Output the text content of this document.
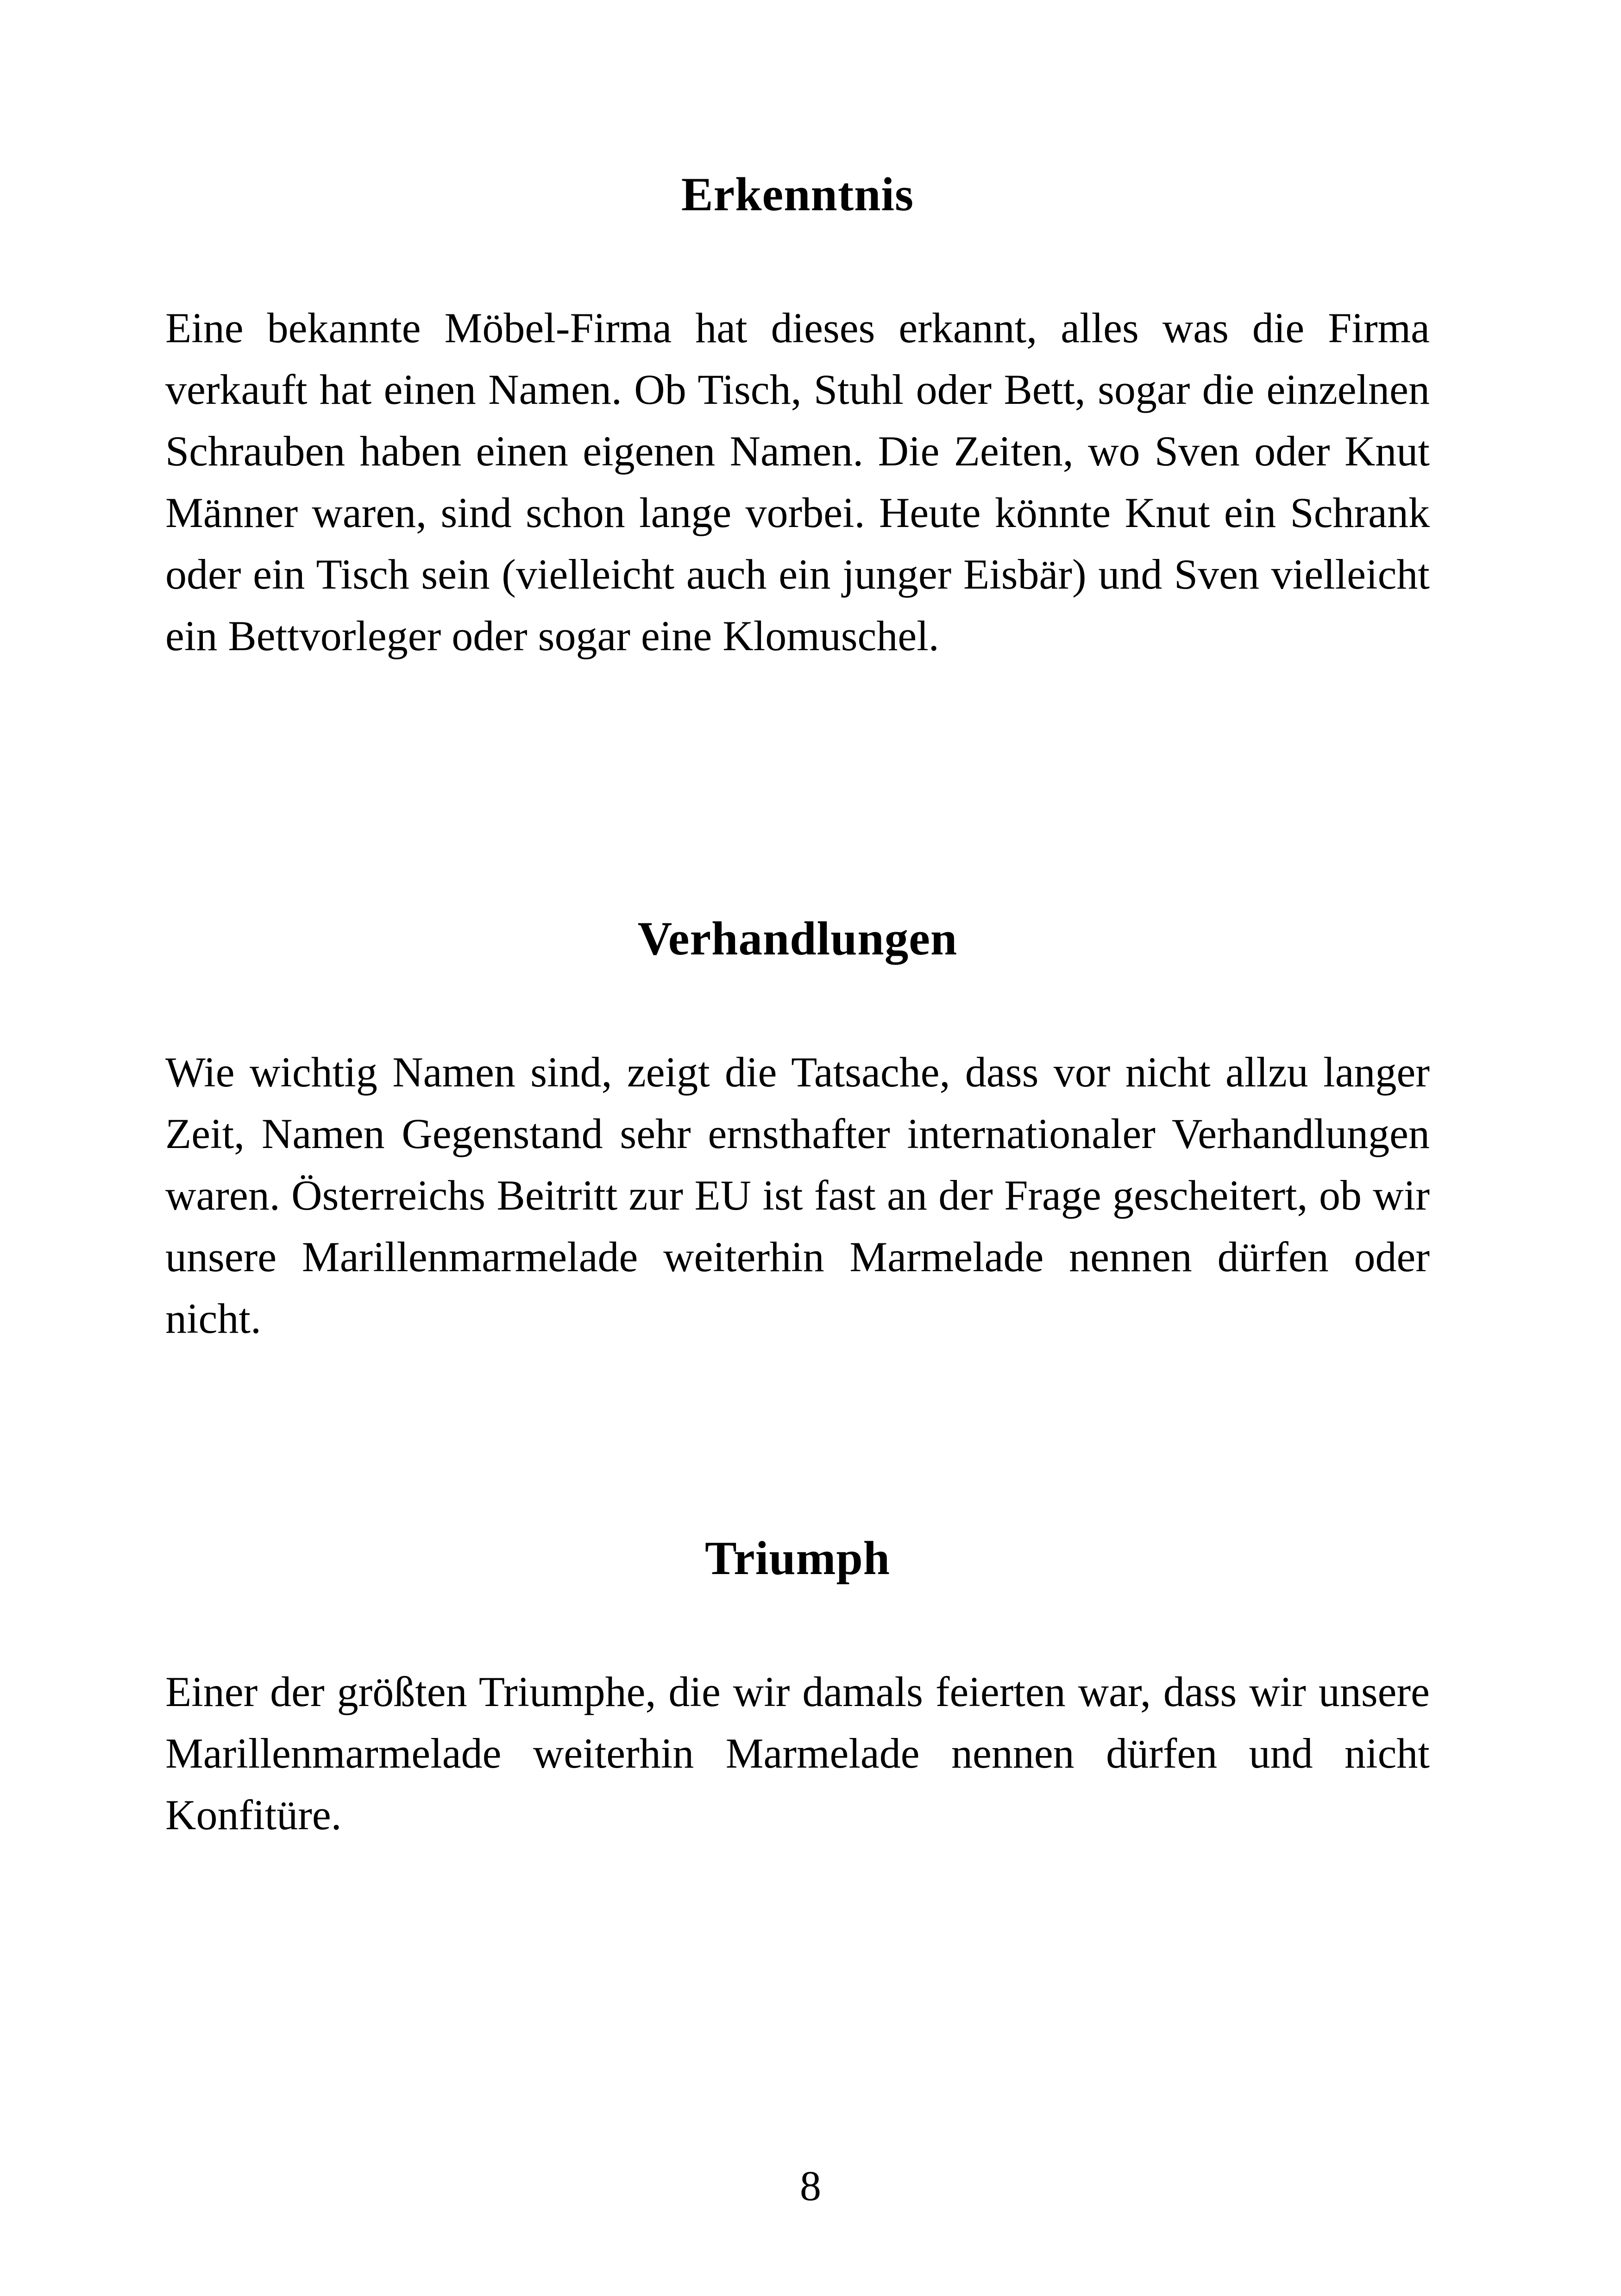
Erkenntnis

Eine bekannte Möbel-Firma hat dieses erkannt, alles was die Firma verkauft hat einen Namen. Ob Tisch, Stuhl oder Bett, sogar die einzelnen Schrauben haben einen eigenen Namen. Die Zeiten, wo Sven oder Knut Männer waren, sind schon lange vorbei. Heute könnte Knut ein Schrank oder ein Tisch sein (vielleicht auch ein junger Eisbär) und Sven vielleicht ein Bettvorleger oder sogar eine Klomuschel.

Verhandlungen

Wie wichtig Namen sind, zeigt die Tatsache, dass vor nicht allzu langer Zeit, Namen Gegenstand sehr ernsthafter internationaler Verhandlungen waren. Österreichs Beitritt zur EU ist fast an der Frage gescheitert, ob wir unsere Marillenmarmelade weiterhin Marmelade nennen dürfen oder nicht.

Triumph

Einer der größten Triumphe, die wir damals feierten war, dass wir unsere Marillenmarmelade weiterhin Marmelade nennen dürfen und nicht Konfitüre.

8
